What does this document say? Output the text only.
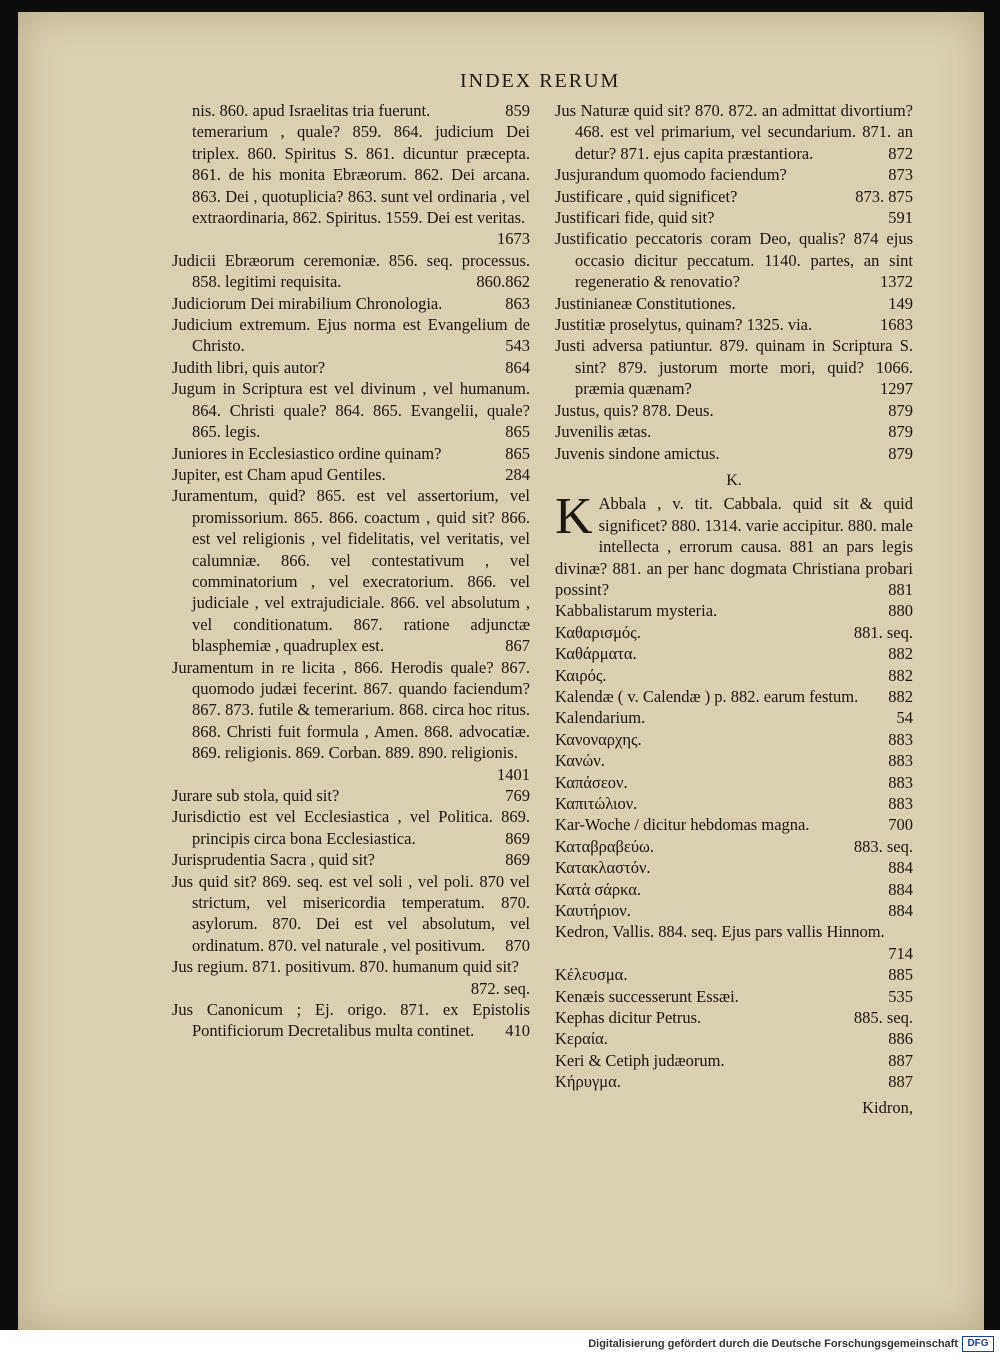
INDEX RERUM
nis. 860. apud Israelitas tria fuerunt.	859
temerarium , quale? 859. 864. judicium Dei triplex. 860. Spiritus S. 861. dicuntur præcepta. 861. de his monita Ebræorum. 862. Dei arcana. 863. Dei , quotuplicia? 863. sunt vel ordinaria , vel extraordinaria, 862. Spiritus. 1559. Dei est veritas.
1673
Judicii Ebræorum ceremoniæ. 856. seq. processus. 858. legitimi requisita.	860.862
Judiciorum Dei mirabilium Chronologia.	863
Judicium extremum. Ejus norma est Evangelium de Christo.	543
Judith libri, quis autor?	864
Jugum in Scriptura est vel divinum , vel humanum. 864. Christi quale? 864. 865. Evangelii, quale? 865. legis.	865
Juniores in Ecclesiastico ordine quinam?	865
Jupiter, est Cham apud Gentiles.	284
Juramentum, quid? 865. est vel assertorium, vel promissorium. 865. 866. coactum , quid sit? 866. est vel religionis , vel fidelitatis, vel veritatis, vel calumniæ. 866. vel contestativum , vel comminatorium , vel execratorium. 866. vel judiciale , vel extrajudiciale. 866. vel absolutum , vel conditionatum. 867. ratione adjunctæ blasphemiæ , quadruplex est.	867
Juramentum in re licita , 866. Herodis quale? 867. quomodo judæi fecerint. 867. quando faciendum? 867. 873. futile & temerarium. 868. circa hoc ritus. 868. Christi fuit formula , Amen. 868. advocatiæ. 869. religionis. 869. Corban. 889. 890. religionis.
1401
Jurare sub stola, quid sit?	769
Jurisdictio est vel Ecclesiastica , vel Politica. 869. principis circa bona Ecclesiastica.	869
Jurisprudentia Sacra , quid sit?	869
Jus quid sit? 869. seq. est vel soli , vel poli. 870 vel strictum, vel misericordia temperatum. 870. asylorum. 870. Dei est vel absolutum, vel ordinatum. 870. vel naturale , vel positivum.	870
Jus regium. 871. positivum. 870. humanum quid sit?
872. seq.
Jus Canonicum ; Ej. origo. 871. ex Epistolis Pontificiorum Decretalibus multa continet.	410
Jus Naturæ quid sit? 870. 872. an admittat divortium? 468. est vel primarium, vel secundarium. 871. an detur? 871. ejus capita præstantiora.	872
Jusjurandum quomodo faciendum?	873
Justificare , quid significet?	873. 875
Justificari fide, quid sit?	591
Justificatio peccatoris coram Deo, qualis? 874 ejus occasio dicitur peccatum. 1140. partes, an sint regeneratio & renovatio?	1372
Justinianeæ Constitutiones.	149
Justitiæ proselytus, quinam? 1325. via.	1683
Justi adversa patiuntur. 879. quinam in Scriptura S. sint? 879. justorum morte mori, quid? 1066. præmia quænam?	1297
Justus, quis? 878. Deus.	879
Juvenilis ætas.	879
Juvenis sindone amictus.	879
K.
K Abbala , v. tit. Cabbala. quid sit & quid significet? 880. 1314. varie accipitur. 880. male intellecta , errorum causa. 881 an pars legis divinæ? 881. an per hanc dogmata Christiana probari possint?	881
Kabbalistarum mysteria.	880
Καθαρισμός.	881. seq.
Καθάρματα.	882
Καιρός.	882
Kalendæ ( v. Calendæ ) p. 882. earum festum.	882
Kalendarium.	54
Κανοναρχης.	883
Κανών.	883
Καπάσεον.	883
Καπιτώλιον.	883
Kar-Woche / dicitur hebdomas magna.	700
Καταβραβεύω.	883. seq.
Κατακλαστόν.	884
Κατὰ σάρκα.	884
Καυτήριον.	884
Kedron, Vallis. 884. seq. Ejus pars vallis Hinnom.
714
Κέλευσμα.	885
Kenæis successerunt Essæi.	535
Kephas dicitur Petrus.	885. seq.
Κεραία.	886
Keri & Cetiph judæorum.	887
Κήρυγμα.	887
Kidron,
Digitalisierung gefördert durch die Deutsche Forschungsgemeinschaft DFG
